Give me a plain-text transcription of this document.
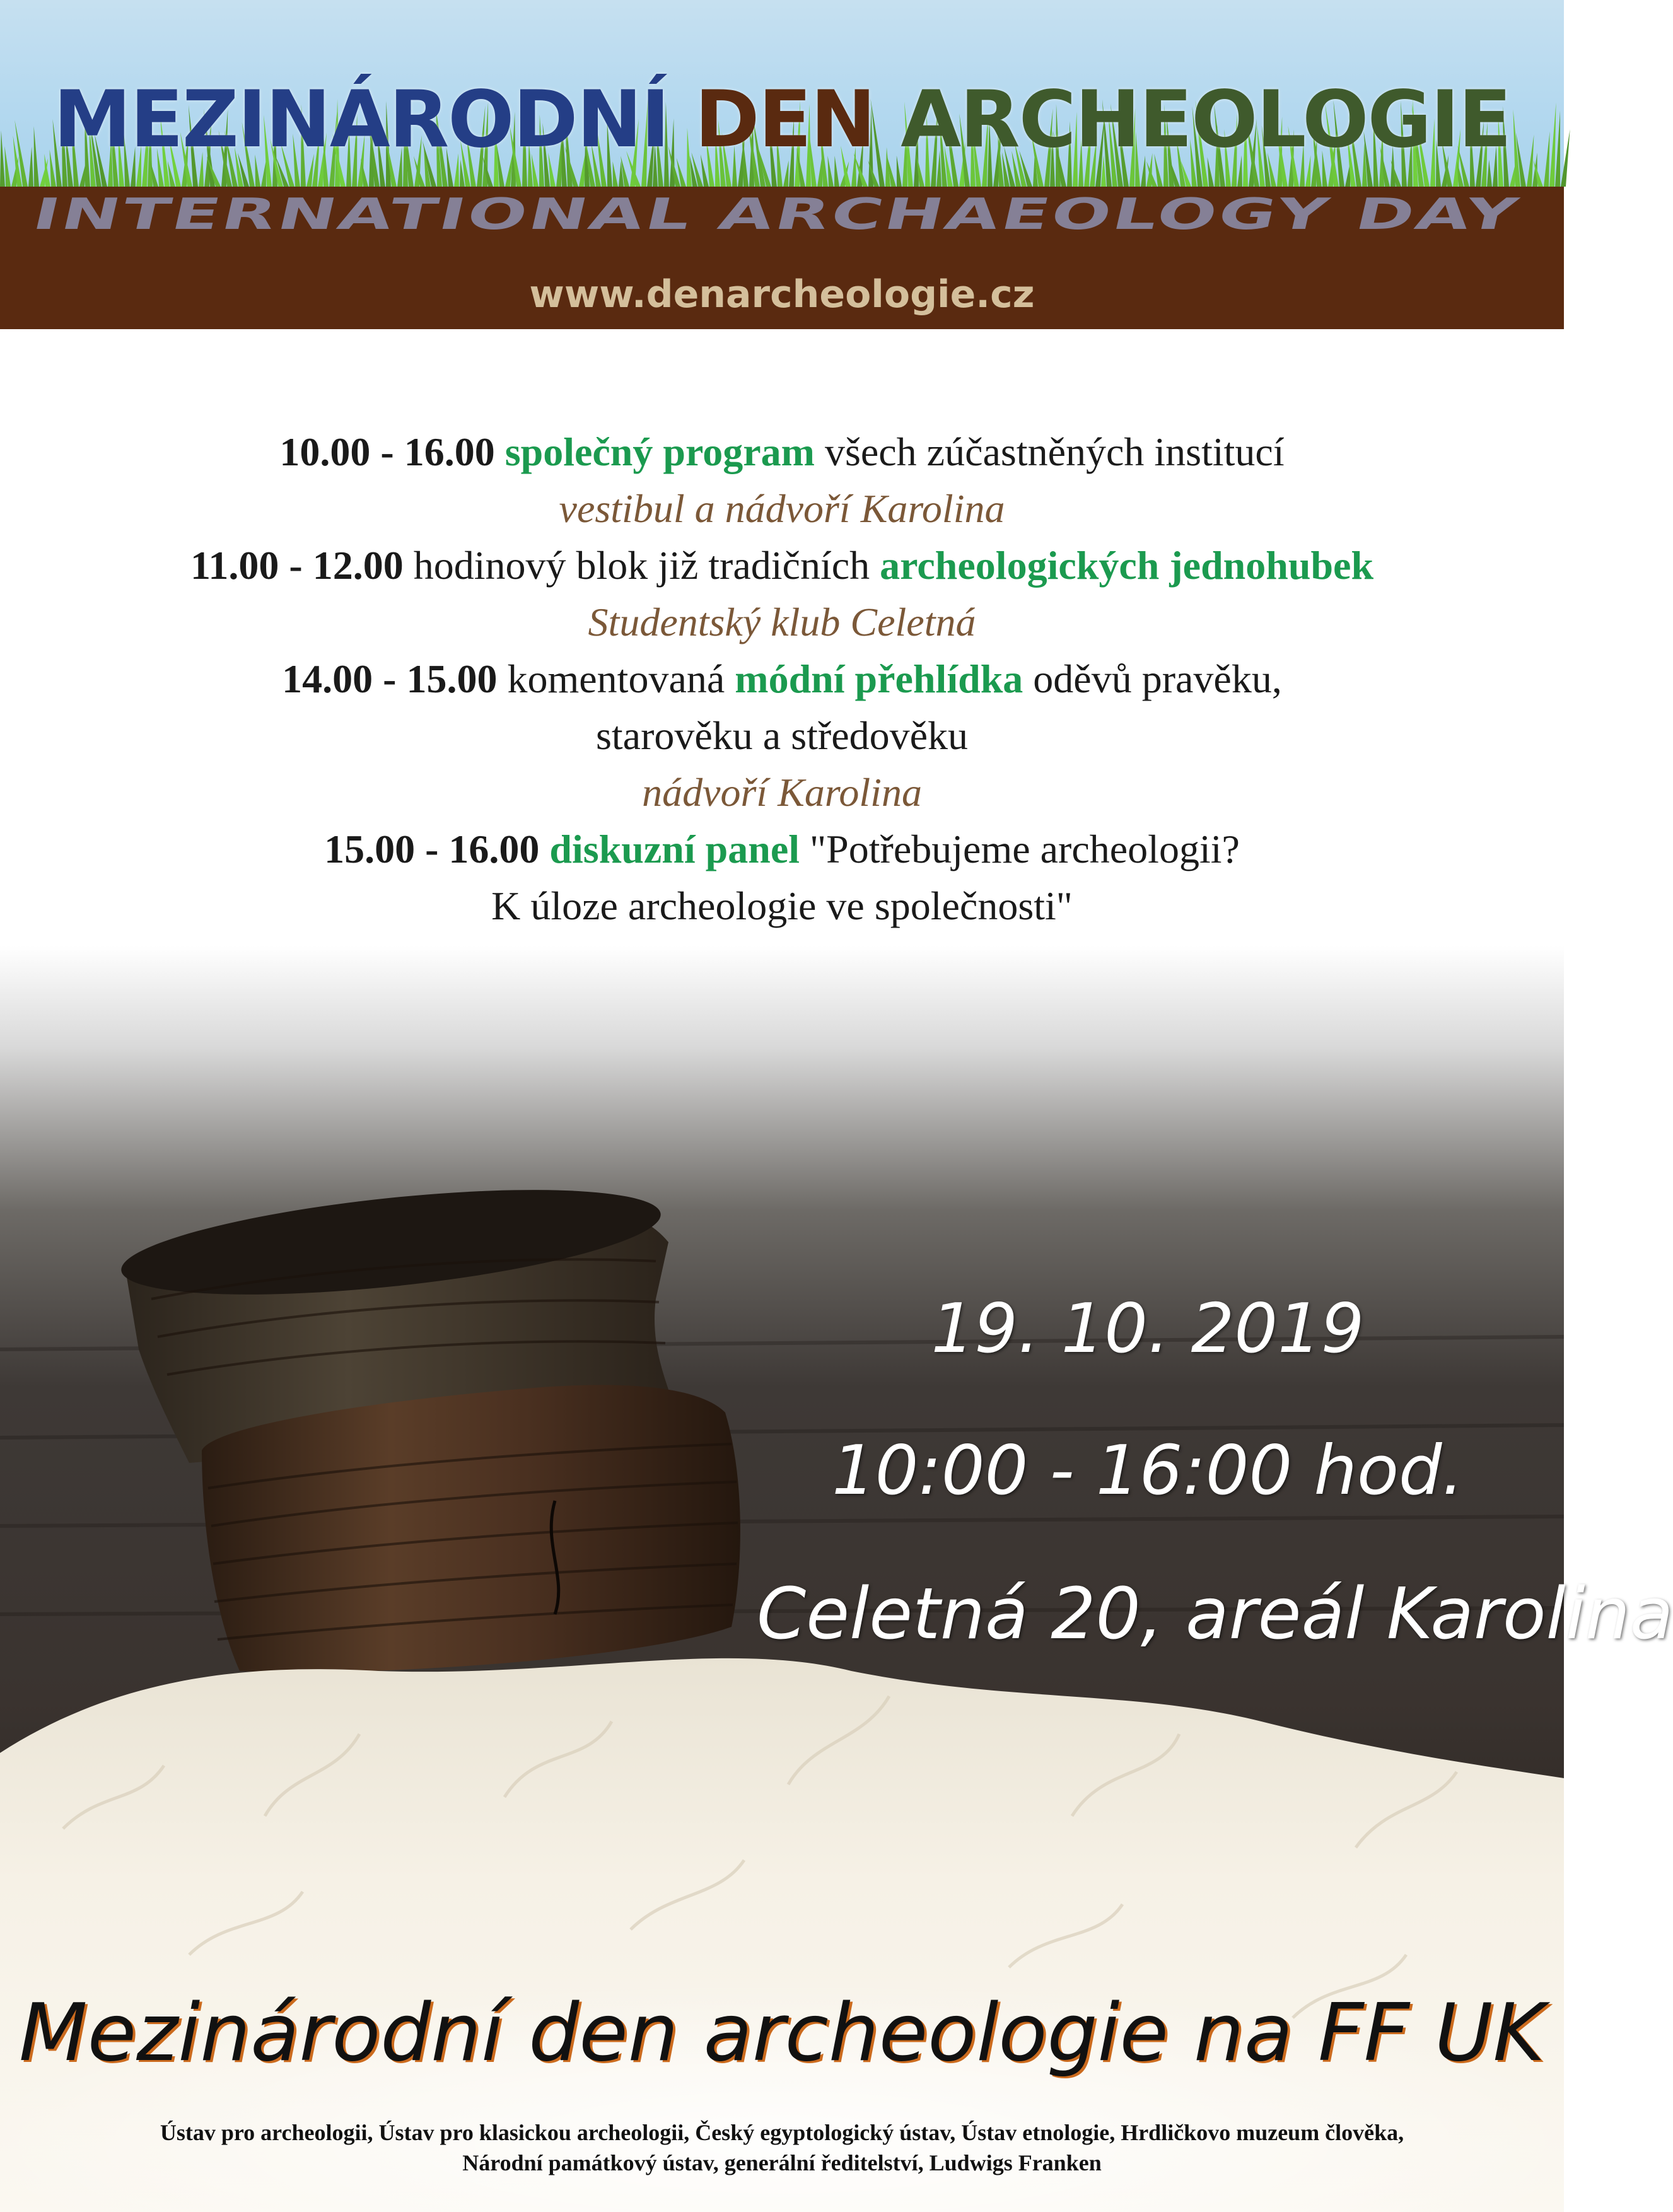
MEZINÁRODNÍ DEN ARCHEOLOGIE
INTERNATIONAL ARCHAEOLOGY DAY
www.denarcheologie.cz
10.00 - 16.00 společný program všech zúčastněných institucí
vestibul a nádvoří Karolina
11.00 - 12.00 hodinový blok již tradičních archeologických jednohubek
Studentský klub Celetná
14.00 - 15.00 komentovaná módní přehlídka oděvů pravěku,
starověku a středověku
nádvoří Karolina
15.00 - 16.00 diskuzní panel "Potřebujeme archeologii?
K úloze archeologie ve společnosti"
19. 10. 2019
10:00 - 16:00 hod.
Celetná 20, areál Karolina
Mezinárodní den archeologie na FF UK
Ústav pro archeologii, Ústav pro klasickou archeologii, Český egyptologický ústav, Ústav etnologie, Hrdličkovo muzeum člověka,
Národní památkový ústav, generální ředitelství, Ludwigs Franken
